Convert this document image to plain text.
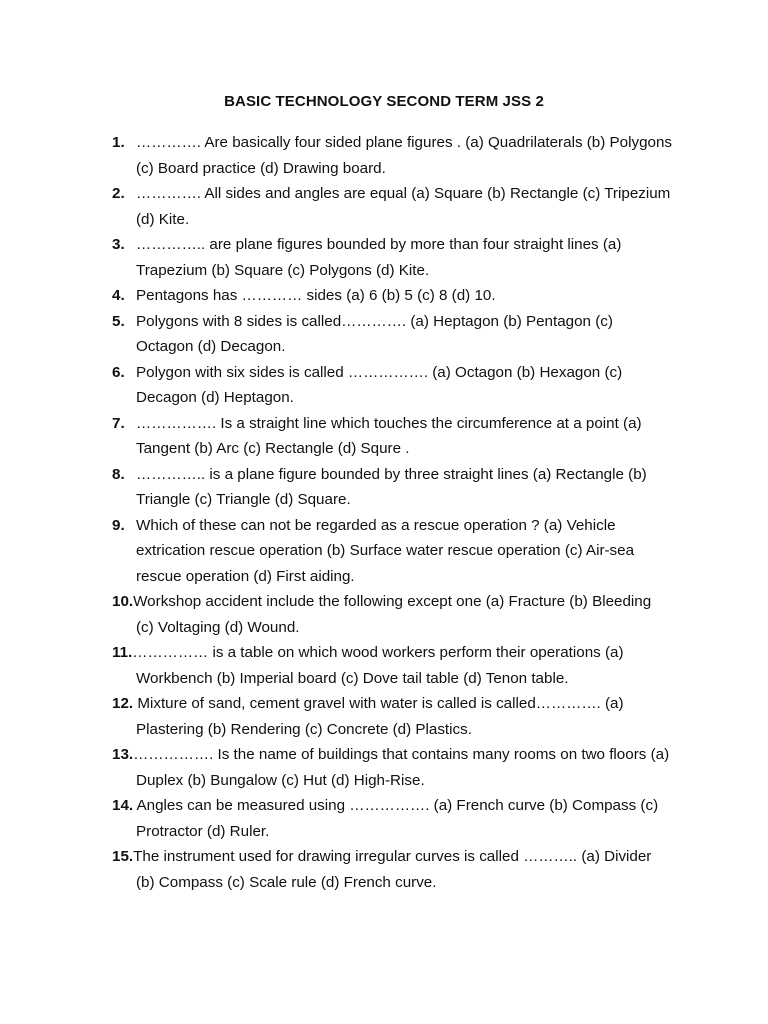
BASIC TECHNOLOGY SECOND TERM JSS 2
1. …………. Are basically four sided plane figures . (a) Quadrilaterals (b) Polygons (c) Board practice (d) Drawing board.
2. …………. All sides and angles are equal (a) Square (b) Rectangle (c) Tripezium (d) Kite.
3. ………….. are plane figures bounded by more than four straight lines (a) Trapezium (b) Square (c) Polygons (d) Kite.
4. Pentagons has ………… sides (a) 6 (b) 5 (c) 8 (d) 10.
5. Polygons with 8 sides is called…………. (a) Heptagon (b) Pentagon (c) Octagon (d) Decagon.
6. Polygon with six sides is called ……………. (a) Octagon (b) Hexagon (c) Decagon (d) Heptagon.
7. ……………. Is a straight line which touches the circumference at a point (a) Tangent (b) Arc (c) Rectangle (d) Squre .
8. ………….. is a plane figure bounded by three straight lines (a) Rectangle (b) Triangle (c) Triangle (d) Square.
9. Which of these can not be regarded as a rescue operation ? (a) Vehicle extrication rescue operation (b) Surface water rescue operation (c) Air-sea rescue operation (d) First aiding.
10.Workshop accident include the following except one (a) Fracture (b) Bleeding (c) Voltaging (d) Wound.
11.…………… is a table on which wood workers perform their operations (a) Workbench (b) Imperial board (c) Dove tail table (d) Tenon table.
12. Mixture of sand, cement gravel with water is called is called…………. (a) Plastering (b) Rendering (c) Concrete (d) Plastics.
13.……………. Is the name of buildings that contains many rooms on two floors (a) Duplex (b) Bungalow (c) Hut (d) High-Rise.
14. Angles can be measured using ……………. (a) French curve (b) Compass (c) Protractor (d) Ruler.
15.The instrument used for drawing irregular curves is called ……….. (a) Divider (b) Compass (c) Scale rule (d) French curve.
